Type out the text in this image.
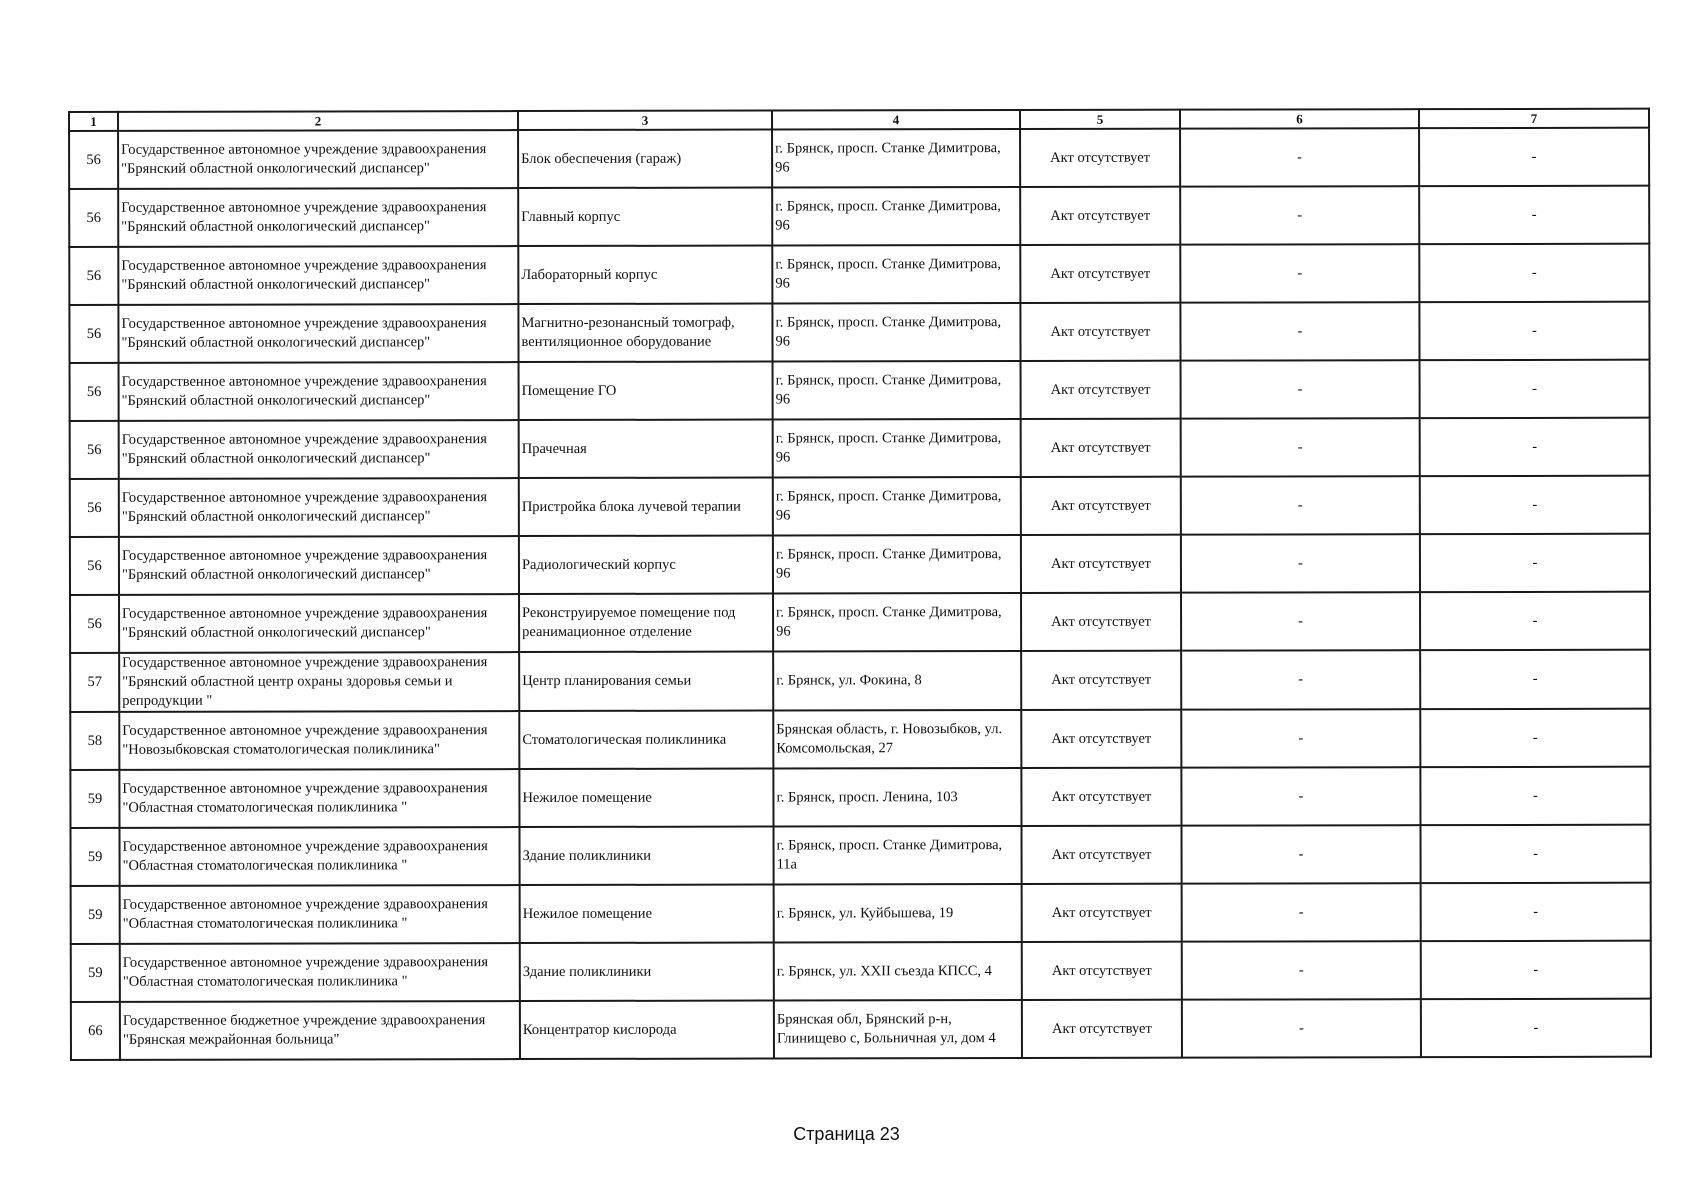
1	2	3	4	5	6	7
56	Государственное автономное учреждение здравоохранения "Брянский областной онкологический диспансер"	Блок обеспечения (гараж)	г. Брянск, просп. Станке Димитрова, 96	Акт отсутствует	-	-
56	Государственное автономное учреждение здравоохранения "Брянский областной онкологический диспансер"	Главный корпус	г. Брянск, просп. Станке Димитрова, 96	Акт отсутствует	-	-
56	Государственное автономное учреждение здравоохранения "Брянский областной онкологический диспансер"	Лабораторный корпус	г. Брянск, просп. Станке Димитрова, 96	Акт отсутствует	-	-
56	Государственное автономное учреждение здравоохранения "Брянский областной онкологический диспансер"	Магнитно-резонансный томограф, вентиляционное оборудование	г. Брянск, просп. Станке Димитрова, 96	Акт отсутствует	-	-
56	Государственное автономное учреждение здравоохранения "Брянский областной онкологический диспансер"	Помещение ГО	г. Брянск, просп. Станке Димитрова, 96	Акт отсутствует	-	-
56	Государственное автономное учреждение здравоохранения "Брянский областной онкологический диспансер"	Прачечная	г. Брянск, просп. Станке Димитрова, 96	Акт отсутствует	-	-
56	Государственное автономное учреждение здравоохранения "Брянский областной онкологический диспансер"	Пристройка блока лучевой терапии	г. Брянск, просп. Станке Димитрова, 96	Акт отсутствует	-	-
56	Государственное автономное учреждение здравоохранения "Брянский областной онкологический диспансер"	Радиологический корпус	г. Брянск, просп. Станке Димитрова, 96	Акт отсутствует	-	-
56	Государственное автономное учреждение здравоохранения "Брянский областной онкологический диспансер"	Реконструируемое помещение под реанимационное отделение	г. Брянск, просп. Станке Димитрова, 96	Акт отсутствует	-	-
57	Государственное автономное учреждение здравоохранения "Брянский областной центр охраны здоровья семьи и репродукции "	Центр планирования семьи	г. Брянск, ул. Фокина, 8	Акт отсутствует	-	-
58	Государственное автономное учреждение здравоохранения "Новозыбковская стоматологическая поликлиника"	Стоматологическая поликлиника	Брянская область, г. Новозыбков, ул. Комсомольская, 27	Акт отсутствует	-	-
59	Государственное автономное учреждение здравоохранения "Областная стоматологическая поликлиника "	Нежилое помещение	г. Брянск, просп. Ленина, 103	Акт отсутствует	-	-
59	Государственное автономное учреждение здравоохранения "Областная стоматологическая поликлиника "	Здание поликлиники	г. Брянск, просп. Станке Димитрова, 11а	Акт отсутствует	-	-
59	Государственное автономное учреждение здравоохранения "Областная стоматологическая поликлиника "	Нежилое помещение	г. Брянск, ул. Куйбышева, 19	Акт отсутствует	-	-
59	Государственное автономное учреждение здравоохранения "Областная стоматологическая поликлиника "	Здание поликлиники	г. Брянск, ул. XXII съезда КПСС, 4	Акт отсутствует	-	-
66	Государственное бюджетное учреждение здравоохранения "Брянская межрайонная больница"	Концентратор кислорода	Брянская обл, Брянский р-н, Глинищево с, Больничная ул, дом 4	Акт отсутствует	-	-
Страница 23
